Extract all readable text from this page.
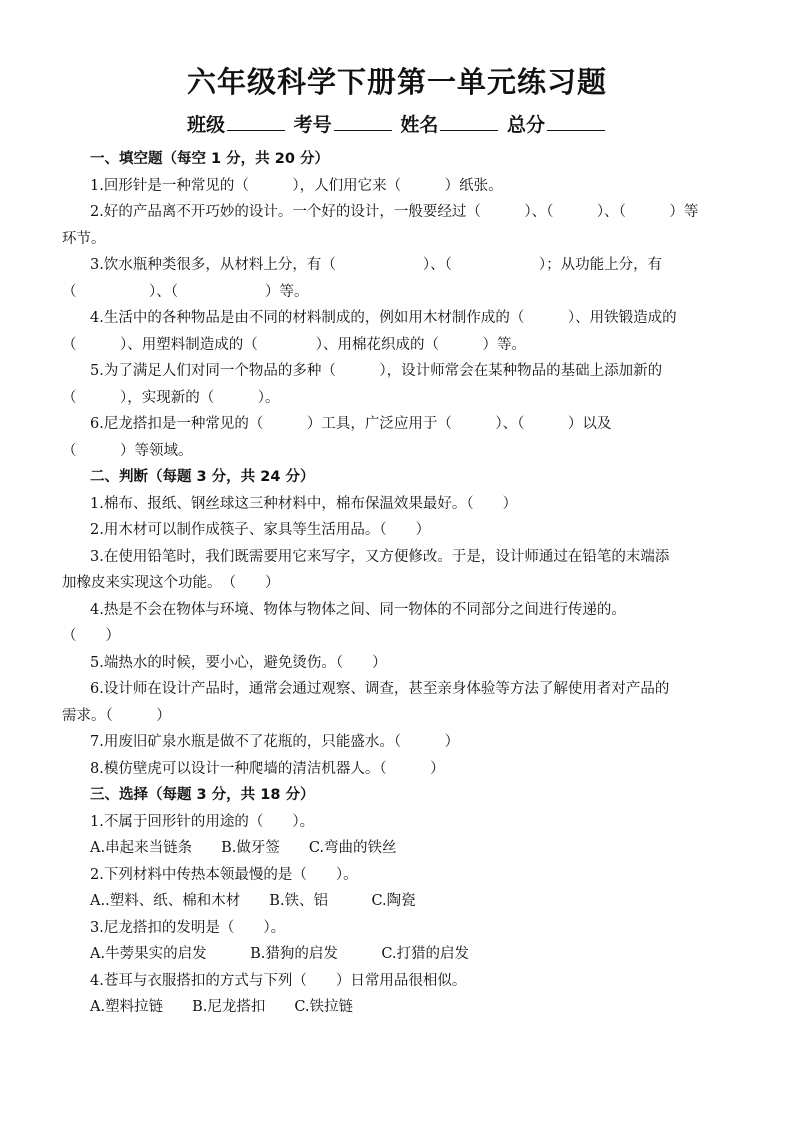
六年级科学下册第一单元练习题
班级	考号	姓名	总分

一、填空题（每空 1 分，共 20 分）

1.回形针是一种常见的（　　　），人们用它来（　　　）纸张。

2.好的产品离不开巧妙的设计。一个好的设计，一般要经过（　　　）、（　　　）、（　　　）等

环节。

3.饮水瓶种类很多，从材料上分，有（　　　　　　）、（　　　　　　）；从功能上分，有

（　　　　　）、（　　　　　　）等。

4.生活中的各种物品是由不同的材料制成的，例如用木材制作成的（　　　）、用铁锻造成的

（　　　）、用塑料制造成的（　　　　）、用棉花织成的（　　　）等。

5.为了满足人们对同一个物品的多种（　　　），设计师常会在某种物品的基础上添加新的

（　　　），实现新的（　　　）。

6.尼龙搭扣是一种常见的（　　　）工具，广泛应用于（　　　）、（　　　）以及

（　　　）等领域。

二、判断（每题 3 分，共 24 分）

1.棉布、报纸、钢丝球这三种材料中，棉布保温效果最好。（　　）

2.用木材可以制作成筷子、家具等生活用品。（　　）

3.在使用铅笔时，我们既需要用它来写字，又方便修改。于是，设计师通过在铅笔的末端添

加橡皮来实现这个功能。　（　　）

4.热是不会在物体与环境、物体与物体之间、同一物体的不同部分之间进行传递的。

（　　）

5.端热水的时候，要小心，避免烫伤。（　　）

6.设计师在设计产品时，通常会通过观察、调查，甚至亲身体验等方法了解使用者对产品的

需求。（　　　）

7.用废旧矿泉水瓶是做不了花瓶的，只能盛水。（　　　）

8.模仿壁虎可以设计一种爬墙的清洁机器人。（　　　）

三、选择（每题 3 分，共 18 分）

1.不属于回形针的用途的（　　）。

A.串起来当链条　　B.做牙签　　C.弯曲的铁丝

2.下列材料中传热本领最慢的是（　　）。

A..塑料、纸、棉和木材　　B.铁、铝　　　C.陶瓷

3.尼龙搭扣的发明是（　　）。

A.牛蒡果实的启发　　　B.猎狗的启发　　　C.打猎的启发

4.苍耳与衣服搭扣的方式与下列（　　）日常用品很相似。

A.塑料拉链　　B.尼龙搭扣　　C.铁拉链
